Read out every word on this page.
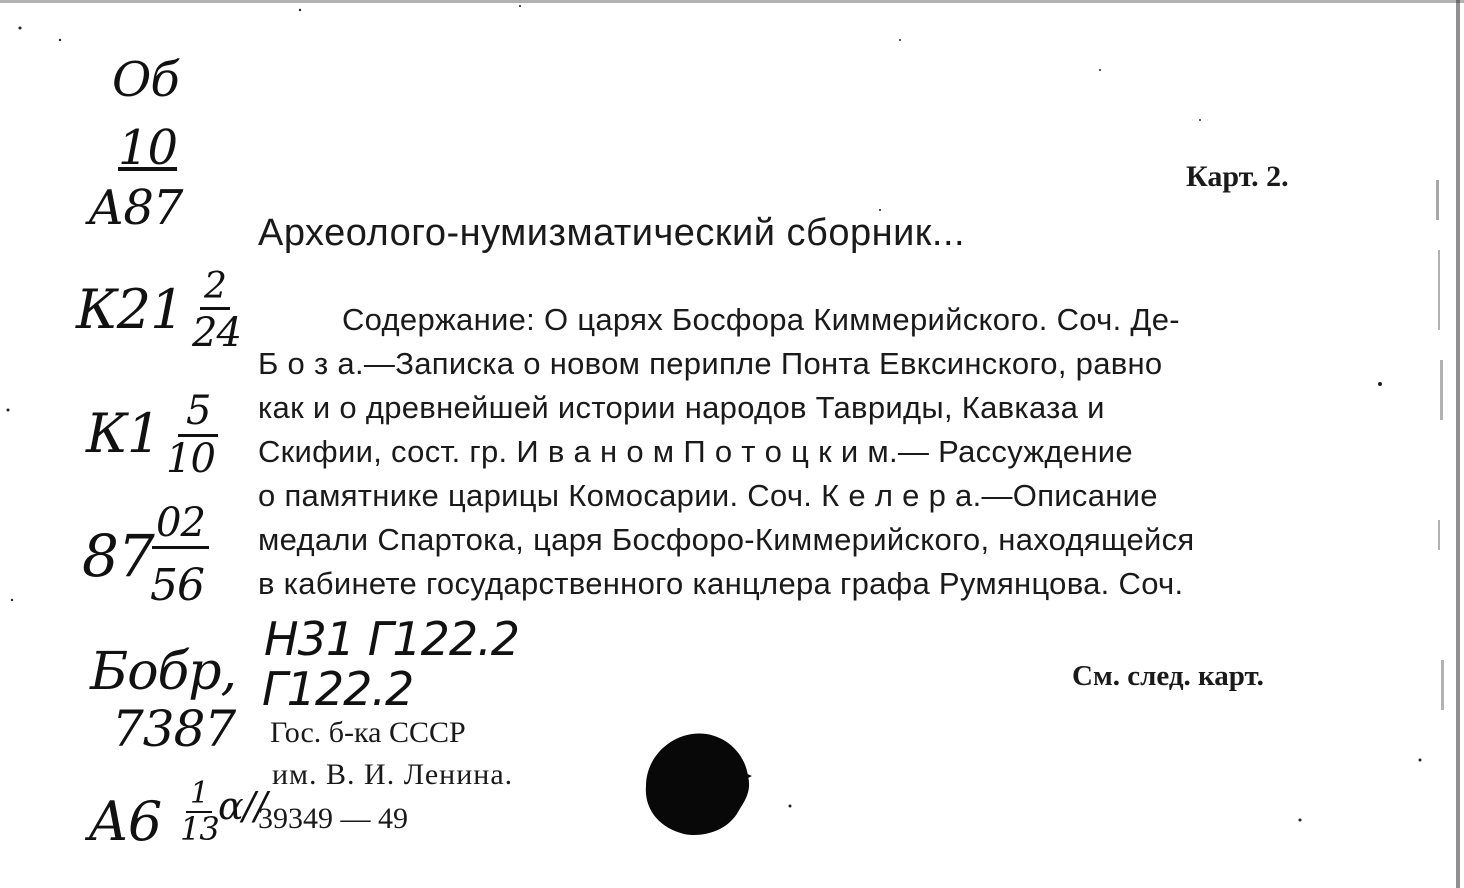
Об
10
А87
К21 2
24
К1 5
10
87 02
56
Бобр,
7387
А6 1
13
α//
Карт. 2.
Археолого-нумизматический сборник...
Содержание: О царях Босфора Киммерийского. Соч. Де-
Б о з а.—Записка о новом перипле Понта Евксинского, равно
как и о древнейшей истории народов Тавриды, Кавказа и
Скифии, сост. гр. И в а н о м П о т о ц к и м.— Рассуждение
о памятнике царицы Комосарии. Соч. К е л е р а.—Описание
медали Спартока, царя Босфоро-Киммерийского, находящейся
в кабинете государственного канцлера графа Румянцова. Соч.
Н31 Г122.2
Г122.2	См. след. карт.
Гос. б-ка СССР
им. В. И. Ленина.
39349 — 49
